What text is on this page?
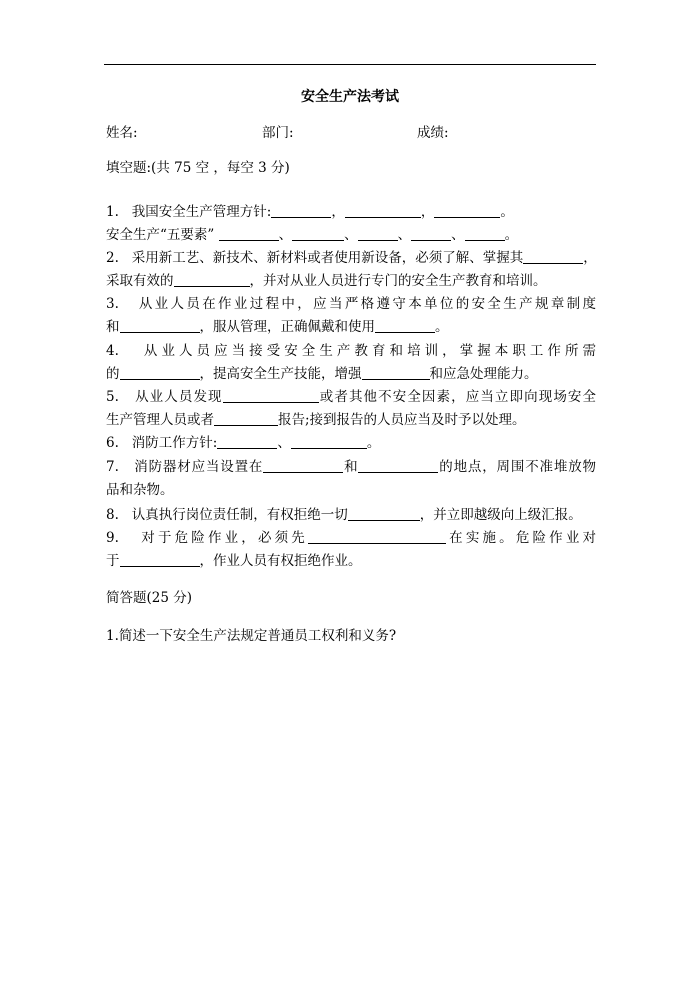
安全生产法考试
姓名:	部门:	成绩:
填空题:(共 75 空 ，每空 3 分)
1. 我国安全生产管理方针:	，	，	。
安全生产“五要素”	、	、	、	、	。
2. 采用新工艺、新技术、新材料或者使用新设备，必须了解、掌握其	，
采取有效的	，并对从业人员进行专门的安全生产教育和培训。
3. 从业人员在作业过程中，应当严格遵守本单位的安全生产规章制度
和	，服从管理，正确佩戴和使用	。
4. 从业人员应当接受安全生产教育和培训，掌握本职工作所需
的	，提高安全生产技能，增强	和应急处理能力。
5. 从业人员发现	或者其他不安全因素，应当立即向现场安全
生产管理人员或者	报告;接到报告的人员应当及时予以处理。
6. 消防工作方针:	、	。
7. 消防器材应当设置在	和	的地点，周围不准堆放物
品和杂物。
8. 认真执行岗位责任制，有权拒绝一切	，并立即越级向上级汇报。
9. 对于危险作业，必须先	在实施。危险作业对
于	，作业人员有权拒绝作业。
简答题(25 分)
1.简述一下安全生产法规定普通员工权利和义务?
